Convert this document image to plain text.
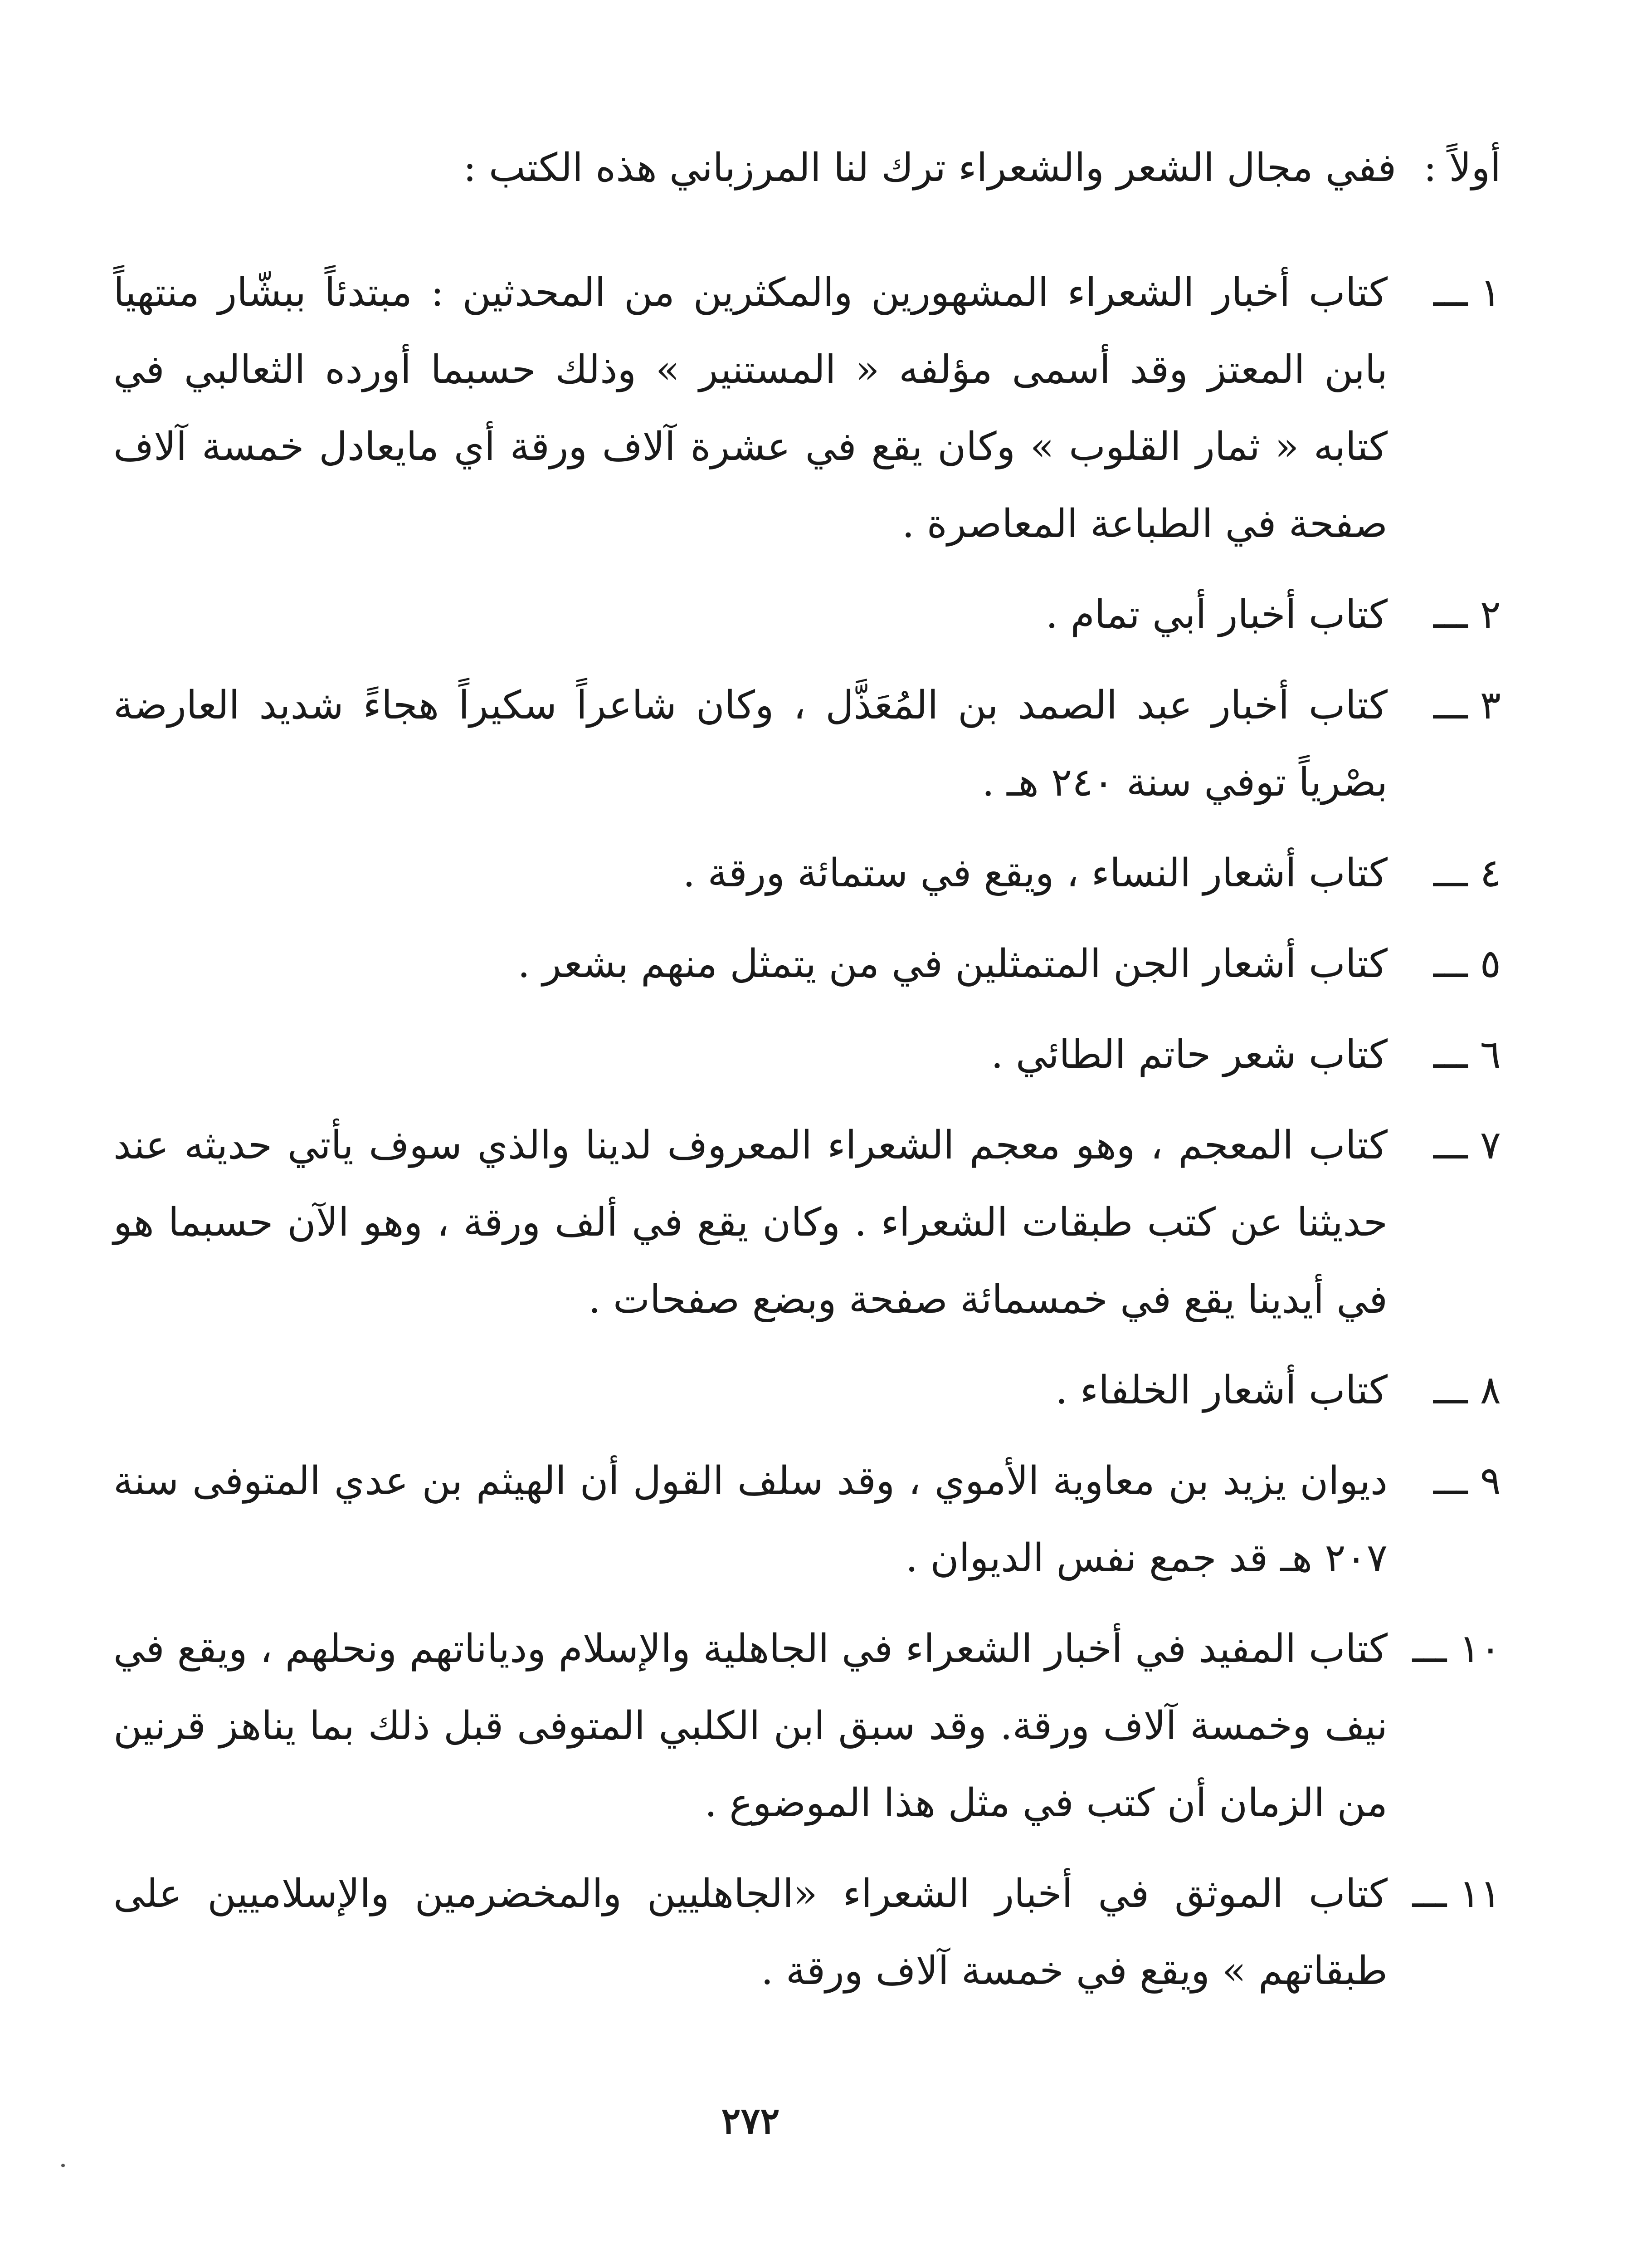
أولاً :
ففي مجال الشعر والشعراء ترك لنا المرزباني هذه الكتب :
١ ـــ
كتاب أخبار الشعراء المشهورين والمكثرين من المحدثين : مبتدئاً ببشّار منتهياً بابن المعتز وقد أسمى مؤلفه « المستنير » وذلك حسبما أورده الثعالبي في كتابه « ثمار القلوب » وكان يقع في عشرة آلاف ورقة أي مايعادل خمسة آلاف صفحة في الطباعة المعاصرة .
٢ ـــ
كتاب أخبار أبي تمام .
٣ ـــ
كتاب أخبار عبد الصمد بن المُعَذَّل ، وكان شاعراً سكيراً هجاءً شديد العارضة بصْرياً توفي سنة ٢٤٠ هـ .
٤ ـــ
كتاب أشعار النساء ، ويقع في ستمائة ورقة .
٥ ـــ
كتاب أشعار الجن المتمثلين في من يتمثل منهم بشعر .
٦ ـــ
كتاب شعر حاتم الطائي .
٧ ـــ
كتاب المعجم ، وهو معجم الشعراء المعروف لدينا والذي سوف يأتي حديثه عند حديثنا عن كتب طبقات الشعراء . وكان يقع في ألف ورقة ، وهو الآن حسبما هو في أيدينا يقع في خمسمائة صفحة وبضع صفحات .
٨ ـــ
كتاب أشعار الخلفاء .
٩ ـــ
ديوان يزيد بن معاوية الأموي ، وقد سلف القول أن الهيثم بن عدي المتوفى سنة ٢٠٧ هـ قد جمع نفس الديوان .
١٠ ـــ
كتاب المفيد في أخبار الشعراء في الجاهلية والإسلام ودياناتهم ونحلهم ، ويقع في نيف وخمسة آلاف ورقة. وقد سبق ابن الكلبي المتوفى قبل ذلك بما يناهز قرنين من الزمان أن كتب في مثل هذا الموضوع .
١١ ـــ
كتاب الموثق في أخبار الشعراء «الجاهليين والمخضرمين والإسلاميين على طبقاتهم » ويقع في خمسة آلاف ورقة .
٢٧٢
